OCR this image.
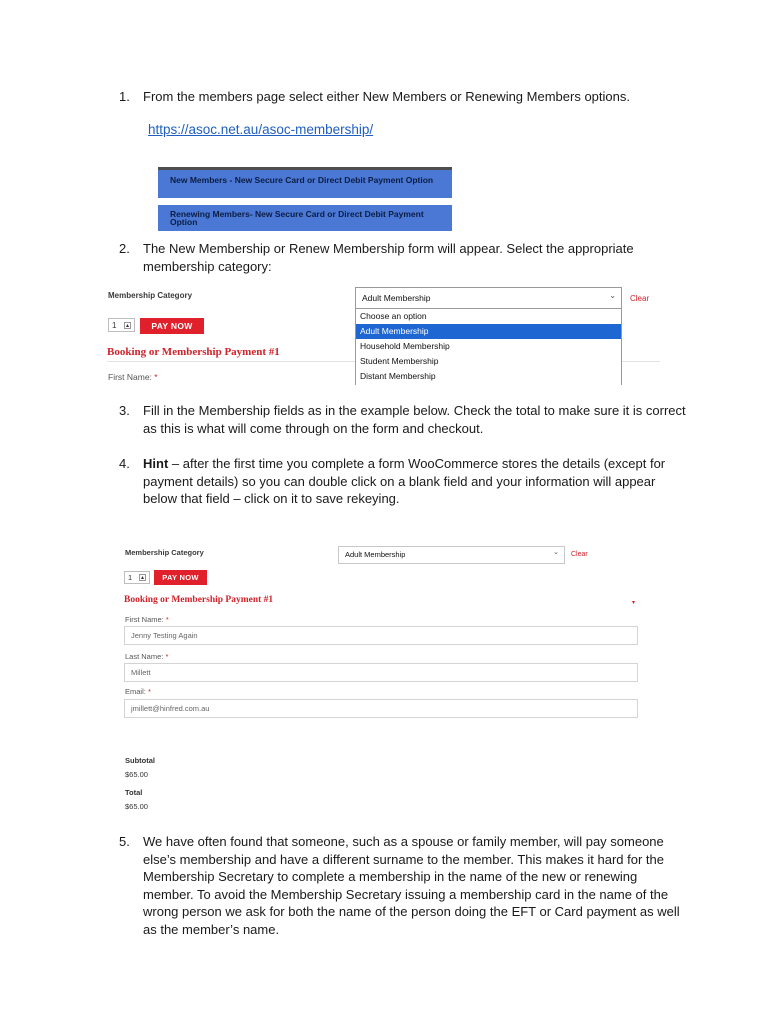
1.	From the members page select either New Members or Renewing Members options.
https://asoc.net.au/asoc-membership/
New Members - New Secure Card or Direct Debit Payment Option
Renewing Members- New Secure Card or Direct Debit Payment Option
2.	The New Membership or Renew Membership form will appear. Select the appropriate membership category:
Membership Category
1	▴	PAY NOW
Booking or Membership Payment #1
First Name: *
Adult Membership	⌄ Clear
Choose an option
Adult Membership
Household Membership
Student Membership
Distant Membership
3.	Fill in the Membership fields as in the example below. Check the total to make sure it is correct as this is what will come through on the form and checkout.
4.	Hint – after the first time you complete a form WooCommerce stores the details (except for payment details) so you can double click on a blank field and your information will appear below that field – click on it to save rekeying.
Membership Category	Adult Membership	⌄ Clear
1	▴	PAY NOW
Booking or Membership Payment #1	▾
First Name: *
Jenny Testing Again
Last Name: *
Millett
Email: *
jmillett@hinfred.com.au
Subtotal
$65.00
Total
$65.00
5.	We have often found that someone, such as a spouse or family member, will pay someone else’s membership and have a different surname to the member. This makes it hard for the Membership Secretary to complete a membership in the name of the new or renewing member. To avoid the Membership Secretary issuing a membership card in the name of the wrong person we ask for both the name of the person doing the EFT or Card payment as well as the member’s name.
